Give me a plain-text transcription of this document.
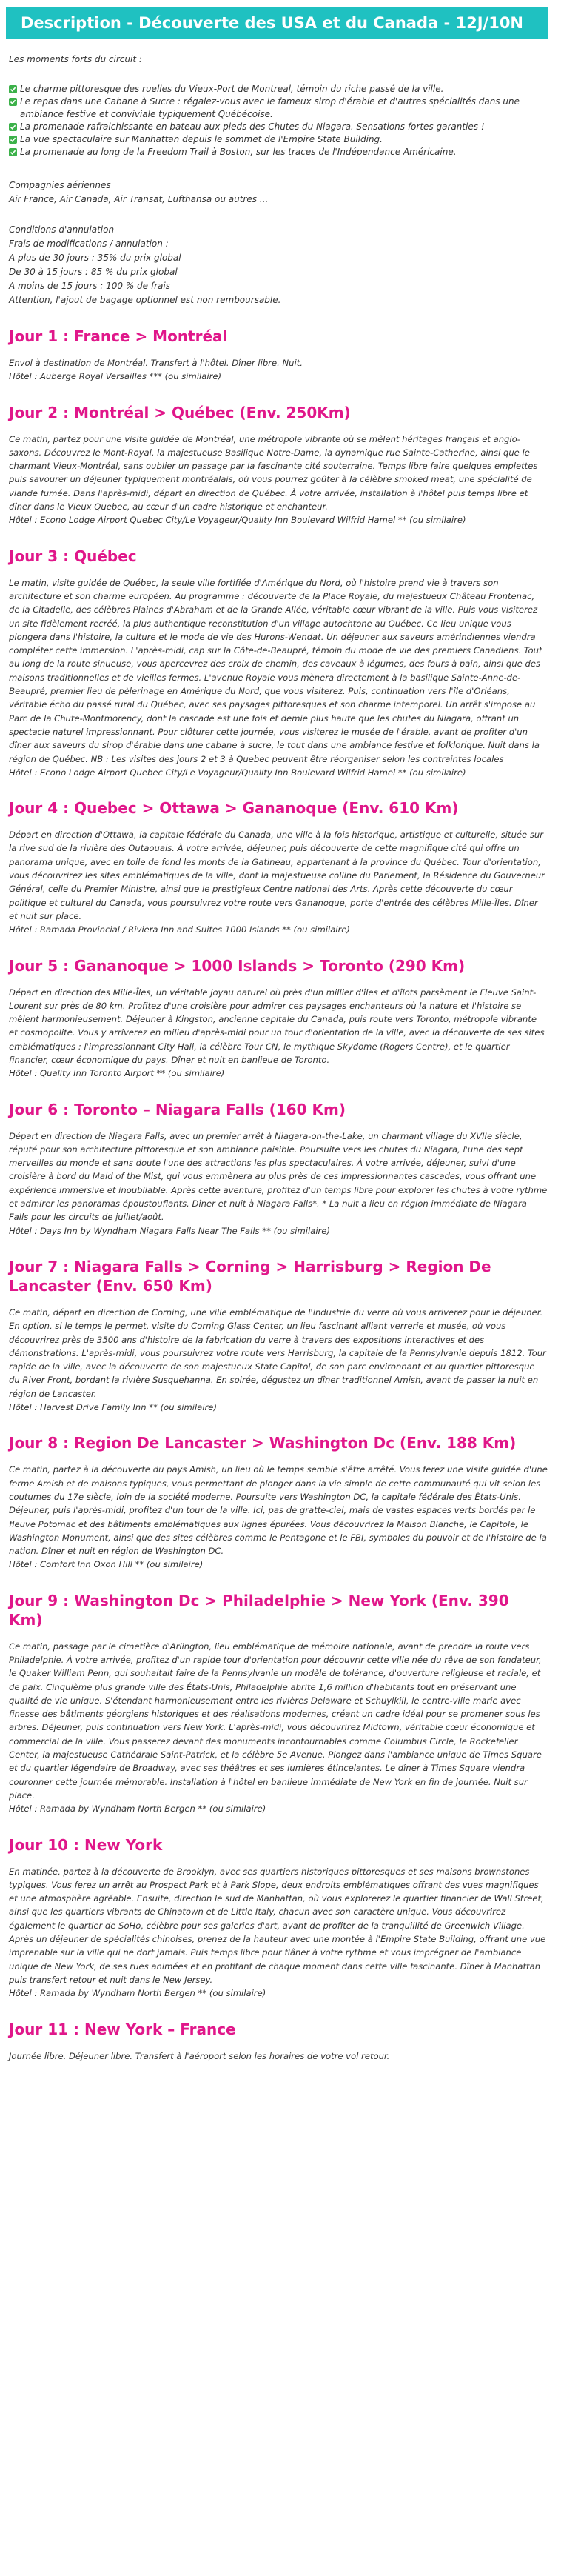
Description - Découverte des USA et du Canada - 12J/10N
Les moments forts du circuit :
Le charme pittoresque des ruelles du Vieux-Port de Montreal, témoin du riche passé de la ville.
Le repas dans une Cabane à Sucre : régalez-vous avec le fameux sirop d'érable et d'autres spécialités dans une ambiance festive et conviviale typiquement Québécoise.
La promenade rafraichissante en bateau aux pieds des Chutes du Niagara. Sensations fortes garanties !
La vue spectaculaire sur Manhattan depuis le sommet de l'Empire State Building.
La promenade au long de la Freedom Trail à Boston, sur les traces de l'Indépendance Américaine.
Compagnies aériennes
Air France, Air Canada, Air Transat, Lufthansa ou autres ...
Conditions d'annulation
Frais de modifications / annulation :
A plus de 30 jours : 35% du prix global
De 30 à 15 jours : 85 % du prix global
A moins de 15 jours : 100 % de frais
Attention, l'ajout de bagage optionnel est non remboursable.
Jour 1 : France > Montréal

Envol à destination de Montréal. Transfert à l'hôtel. Dîner libre. Nuit.

Hôtel : Auberge Royal Versailles *** (ou similaire)
Jour 2 : Montréal > Québec (Env. 250Km)

Ce matin, partez pour une visite guidée de Montréal, une métropole vibrante où se mêlent héritages français et anglo-saxons. Découvrez le Mont-Royal, la majestueuse Basilique Notre-Dame, la dynamique rue Sainte-Catherine, ainsi que le charmant Vieux-Montréal, sans oublier un passage par la fascinante cité souterraine. Temps libre faire quelques emplettes puis savourer un déjeuner typiquement montréalais, où vous pourrez goûter à la célèbre smoked meat, une spécialité de viande fumée. Dans l'après-midi, départ en direction de Québec. À votre arrivée, installation à l'hôtel puis temps libre et dîner dans le Vieux Quebec, au cœur d'un cadre historique et enchanteur.

Hôtel : Econo Lodge Airport Quebec City/Le Voyageur/Quality Inn Boulevard Wilfrid Hamel ** (ou similaire)
Jour 3 : Québec

Le matin, visite guidée de Québec, la seule ville fortifiée d'Amérique du Nord, où l'histoire prend vie à travers son architecture et son charme européen. Au programme : découverte de la Place Royale, du majestueux Château Frontenac, de la Citadelle, des célèbres Plaines d'Abraham et de la Grande Allée, véritable cœur vibrant de la ville. Puis vous visiterez un site fidèlement recréé, la plus authentique reconstitution d'un village autochtone au Québec. Ce lieu unique vous plongera dans l'histoire, la culture et le mode de vie des Hurons-Wendat. Un déjeuner aux saveurs amérindiennes viendra compléter cette immersion. L'après-midi, cap sur la Côte-de-Beaupré, témoin du mode de vie des premiers Canadiens. Tout au long de la route sinueuse, vous apercevrez des croix de chemin, des caveaux à légumes, des fours à pain, ainsi que des maisons traditionnelles et de vieilles fermes. L'avenue Royale vous mènera directement à la basilique Sainte-Anne-de-Beaupré, premier lieu de pèlerinage en Amérique du Nord, que vous visiterez. Puis, continuation vers l'île d'Orléans, véritable écho du passé rural du Québec, avec ses paysages pittoresques et son charme intemporel. Un arrêt s'impose au Parc de la Chute-Montmorency, dont la cascade est une fois et demie plus haute que les chutes du Niagara, offrant un spectacle naturel impressionnant. Pour clôturer cette journée, vous visiterez le musée de l'érable, avant de profiter d'un dîner aux saveurs du sirop d'érable dans une cabane à sucre, le tout dans une ambiance festive et folklorique. Nuit dans la région de Québec. NB : Les visites des jours 2 et 3 à Quebec peuvent être réorganiser selon les contraintes locales

Hôtel : Econo Lodge Airport Quebec City/Le Voyageur/Quality Inn Boulevard Wilfrid Hamel ** (ou similaire)
Jour 4 : Quebec > Ottawa > Gananoque (Env. 610 Km)

Départ en direction d'Ottawa, la capitale fédérale du Canada, une ville à la fois historique, artistique et culturelle, située sur la rive sud de la rivière des Outaouais. À votre arrivée, déjeuner, puis découverte de cette magnifique cité qui offre un panorama unique, avec en toile de fond les monts de la Gatineau, appartenant à la province du Québec. Tour d'orientation, vous découvrirez les sites emblématiques de la ville, dont la majestueuse colline du Parlement, la Résidence du Gouverneur Général, celle du Premier Ministre, ainsi que le prestigieux Centre national des Arts. Après cette découverte du cœur politique et culturel du Canada, vous poursuivrez votre route vers Gananoque, porte d'entrée des célèbres Mille-Îles. Dîner et nuit sur place.

Hôtel : Ramada Provincial / Riviera Inn and Suites 1000 Islands ** (ou similaire)
Jour 5 : Gananoque > 1000 Islands > Toronto (290 Km)

Départ en direction des Mille-Îles, un véritable joyau naturel où près d'un millier d'îles et d'îlots parsèment le Fleuve Saint-Lourent sur près de 80 km. Profitez d'une croisière pour admirer ces paysages enchanteurs où la nature et l'histoire se mêlent harmonieusement. Déjeuner à Kingston, ancienne capitale du Canada, puis route vers Toronto, métropole vibrante et cosmopolite. Vous y arriverez en milieu d'après-midi pour un tour d'orientation de la ville, avec la découverte de ses sites emblématiques : l'impressionnant City Hall, la célèbre Tour CN, le mythique Skydome (Rogers Centre), et le quartier financier, cœur économique du pays. Dîner et nuit en banlieue de Toronto.

Hôtel : Quality Inn Toronto Airport ** (ou similaire)
Jour 6 : Toronto – Niagara Falls (160 Km)

Départ en direction de Niagara Falls, avec un premier arrêt à Niagara-on-the-Lake, un charmant village du XVIIe siècle, réputé pour son architecture pittoresque et son ambiance paisible. Poursuite vers les chutes du Niagara, l'une des sept merveilles du monde et sans doute l'une des attractions les plus spectaculaires. À votre arrivée, déjeuner, suivi d'une croisière à bord du Maid of the Mist, qui vous emmènera au plus près de ces impressionnantes cascades, vous offrant une expérience immersive et inoubliable. Après cette aventure, profitez d'un temps libre pour explorer les chutes à votre rythme et admirer les panoramas époustouflants. Dîner et nuit à Niagara Falls*. * La nuit a lieu en région immédiate de Niagara Falls pour les circuits de juillet/août.

Hôtel : Days Inn by Wyndham Niagara Falls Near The Falls ** (ou similaire)
Jour 7 : Niagara Falls > Corning > Harrisburg > Region De Lancaster (Env. 650 Km)

Ce matin, départ en direction de Corning, une ville emblématique de l'industrie du verre où vous arriverez pour le déjeuner. En option, si le temps le permet, visite du Corning Glass Center, un lieu fascinant alliant verrerie et musée, où vous découvrirez près de 3500 ans d'histoire de la fabrication du verre à travers des expositions interactives et des démonstrations. L'après-midi, vous poursuivrez votre route vers Harrisburg, la capitale de la Pennsylvanie depuis 1812. Tour rapide de la ville, avec la découverte de son majestueux State Capitol, de son parc environnant et du quartier pittoresque du River Front, bordant la rivière Susquehanna. En soirée, dégustez un dîner traditionnel Amish, avant de passer la nuit en région de Lancaster.

Hôtel : Harvest Drive Family Inn ** (ou similaire)
Jour 8 : Region De Lancaster > Washington Dc (Env. 188 Km)

Ce matin, partez à la découverte du pays Amish, un lieu où le temps semble s'être arrêté. Vous ferez une visite guidée d'une ferme Amish et de maisons typiques, vous permettant de plonger dans la vie simple de cette communauté qui vit selon les coutumes du 17e siècle, loin de la société moderne. Poursuite vers Washington DC, la capitale fédérale des États-Unis. Déjeuner, puis l'après-midi, profitez d'un tour de la ville. Ici, pas de gratte-ciel, mais de vastes espaces verts bordés par le fleuve Potomac et des bâtiments emblématiques aux lignes épurées. Vous découvrirez la Maison Blanche, le Capitole, le Washington Monument, ainsi que des sites célèbres comme le Pentagone et le FBI, symboles du pouvoir et de l'histoire de la nation. Dîner et nuit en région de Washington DC.

Hôtel : Comfort Inn Oxon Hill ** (ou similaire)
Jour 9 : Washington Dc > Philadelphie > New York (Env. 390 Km)

Ce matin, passage par le cimetière d'Arlington, lieu emblématique de mémoire nationale, avant de prendre la route vers Philadelphie. À votre arrivée, profitez d'un rapide tour d'orientation pour découvrir cette ville née du rêve de son fondateur, le Quaker William Penn, qui souhaitait faire de la Pennsylvanie un modèle de tolérance, d'ouverture religieuse et raciale, et de paix. Cinquième plus grande ville des États-Unis, Philadelphie abrite 1,6 million d'habitants tout en préservant une qualité de vie unique. S'étendant harmonieusement entre les rivières Delaware et Schuylkill, le centre-ville marie avec finesse des bâtiments géorgiens historiques et des réalisations modernes, créant un cadre idéal pour se promener sous les arbres. Déjeuner, puis continuation vers New York. L'après-midi, vous découvrirez Midtown, véritable cœur économique et commercial de la ville. Vous passerez devant des monuments incontournables comme Columbus Circle, le Rockefeller Center, la majestueuse Cathédrale Saint-Patrick, et la célèbre 5e Avenue. Plongez dans l'ambiance unique de Times Square et du quartier légendaire de Broadway, avec ses théâtres et ses lumières étincelantes. Le dîner à Times Square viendra couronner cette journée mémorable. Installation à l'hôtel en banlieue immédiate de New York en fin de journée. Nuit sur place.

Hôtel : Ramada by Wyndham North Bergen ** (ou similaire)
Jour 10 : New York

En matinée, partez à la découverte de Brooklyn, avec ses quartiers historiques pittoresques et ses maisons brownstones typiques. Vous ferez un arrêt au Prospect Park et à Park Slope, deux endroits emblématiques offrant des vues magnifiques et une atmosphère agréable. Ensuite, direction le sud de Manhattan, où vous explorerez le quartier financier de Wall Street, ainsi que les quartiers vibrants de Chinatown et de Little Italy, chacun avec son caractère unique. Vous découvrirez également le quartier de SoHo, célèbre pour ses galeries d'art, avant de profiter de la tranquillité de Greenwich Village. Après un déjeuner de spécialités chinoises, prenez de la hauteur avec une montée à l'Empire State Building, offrant une vue imprenable sur la ville qui ne dort jamais. Puis temps libre pour flâner à votre rythme et vous imprégner de l'ambiance unique de New York, de ses rues animées et en profitant de chaque moment dans cette ville fascinante. Dîner à Manhattan puis transfert retour et nuit dans le New Jersey.

Hôtel : Ramada by Wyndham North Bergen ** (ou similaire)
Jour 11 : New York – France

Journée libre. Déjeuner libre. Transfert à l'aéroport selon les horaires de votre vol retour.
